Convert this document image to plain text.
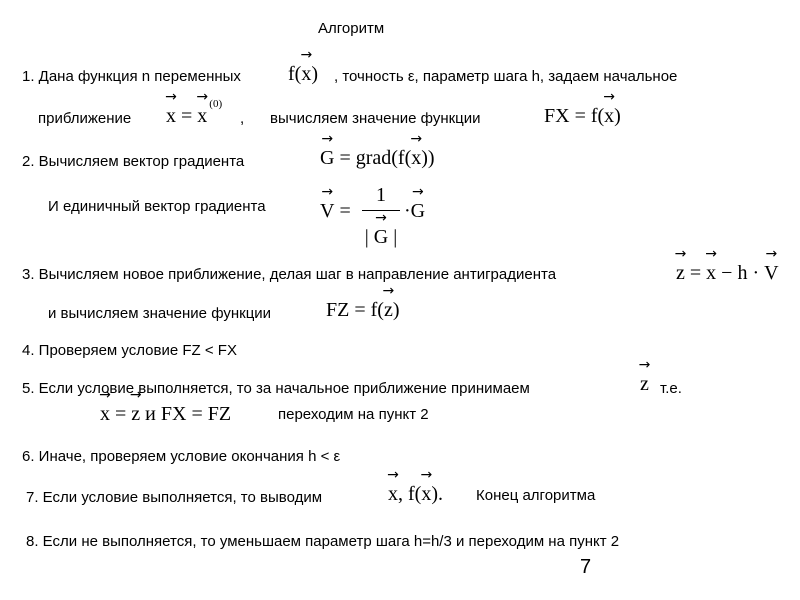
Алгоритм
1. Дана функция n переменных f(→ x) , точность ε, параметр шага h, задаем начальное
приближение → x = → x
(0)
, вычисляем значение функции	FX = f(→ x)
2. Вычисляем вектор градиента	→ G = grad(f(→ x))
И единичный вектор градиента	→ V =
1
| → G |
·→ G
3. Вычисляем новое приближение, делая шаг в направление антиградиента	→ z = → x − h · → V
и вычисляем значение функции	FZ = f(→ z)
4. Проверяем условие FZ < FX
5. Если условие выполняется, то за начальное приближение принимаем	→ z т.е.
→ x = → z и FX = FZ	переходим на пункт 2
6. Иначе, проверяем условие окончания h < ε
7. Если условие выполняется, то выводим	→ x, f(→ x). Конец алгоритма
8. Если не выполняется, то уменьшаем параметр шага h=h/3 и переходим на пункт 2
7
